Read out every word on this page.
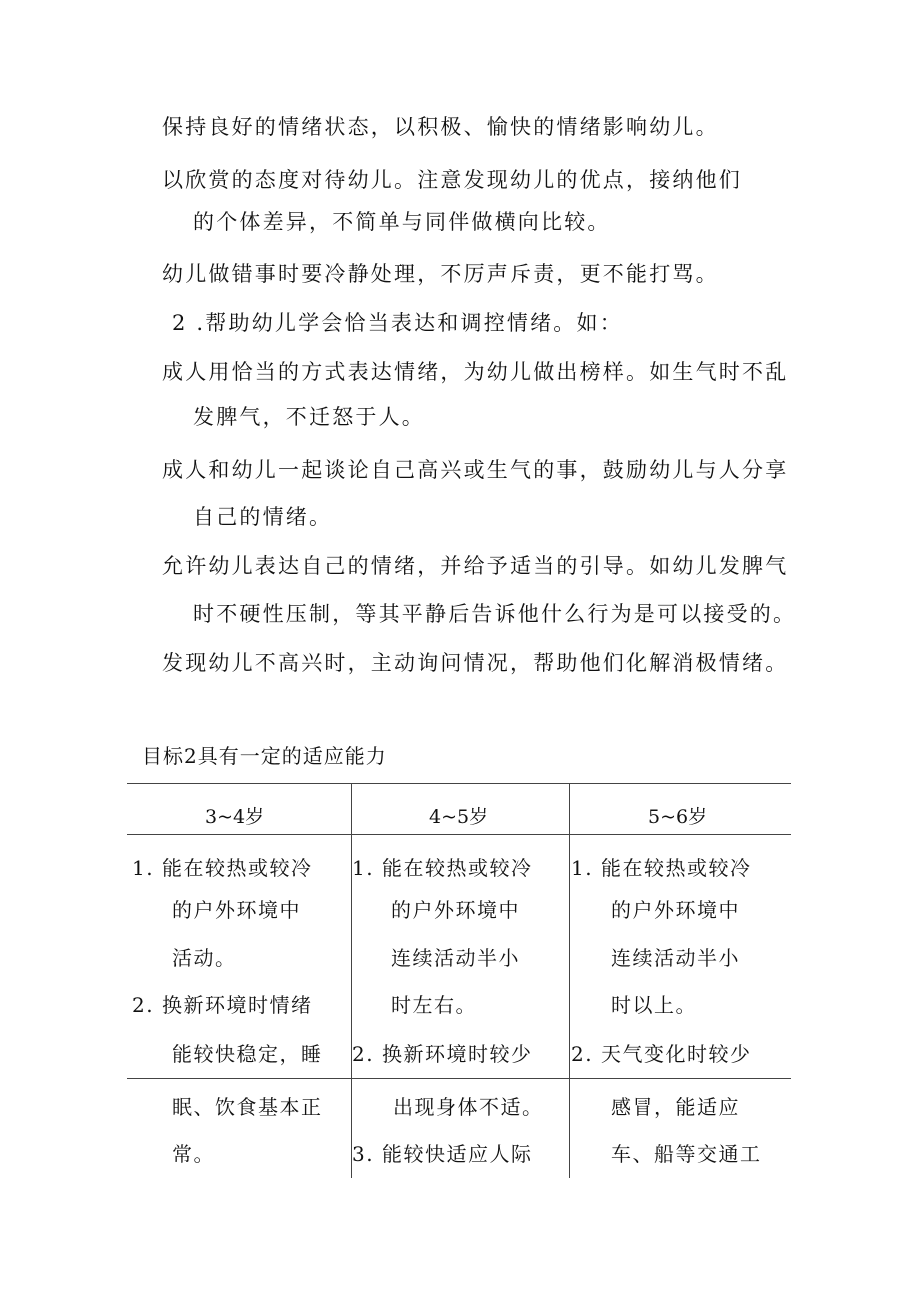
保持良好的情绪状态，以积极、愉快的情绪影响幼儿。
以欣赏的态度对待幼儿。注意发现幼儿的优点，接纳他们
的个体差异，不简单与同伴做横向比较。
幼儿做错事时要冷静处理，不厉声斥责，更不能打骂。
2 .帮助幼儿学会恰当表达和调控情绪。如：
成人用恰当的方式表达情绪，为幼儿做出榜样。如生气时不乱
发脾气，不迁怒于人。
成人和幼儿一起谈论自己高兴或生气的事，鼓励幼儿与人分享
自己的情绪。
允许幼儿表达自己的情绪，并给予适当的引导。如幼儿发脾气
时不硬性压制，等其平静后告诉他什么行为是可以接受的。
发现幼儿不高兴时，主动询问情况，帮助他们化解消极情绪。
目标2具有一定的适应能力
3~4岁	4~5岁	5~6岁
1. 能在较热或较冷
的户外环境中
活动。
2. 换新环境时情绪
能较快稳定，睡
眠、饮食基本正
常。
1. 能在较热或较冷
的户外环境中
连续活动半小
时左右。
2. 换新环境时较少
出现身体不适。
3. 能较快适应人际
1. 能在较热或较冷
的户外环境中
连续活动半小
时以上。
2. 天气变化时较少
感冒，能适应
车、船等交通工
